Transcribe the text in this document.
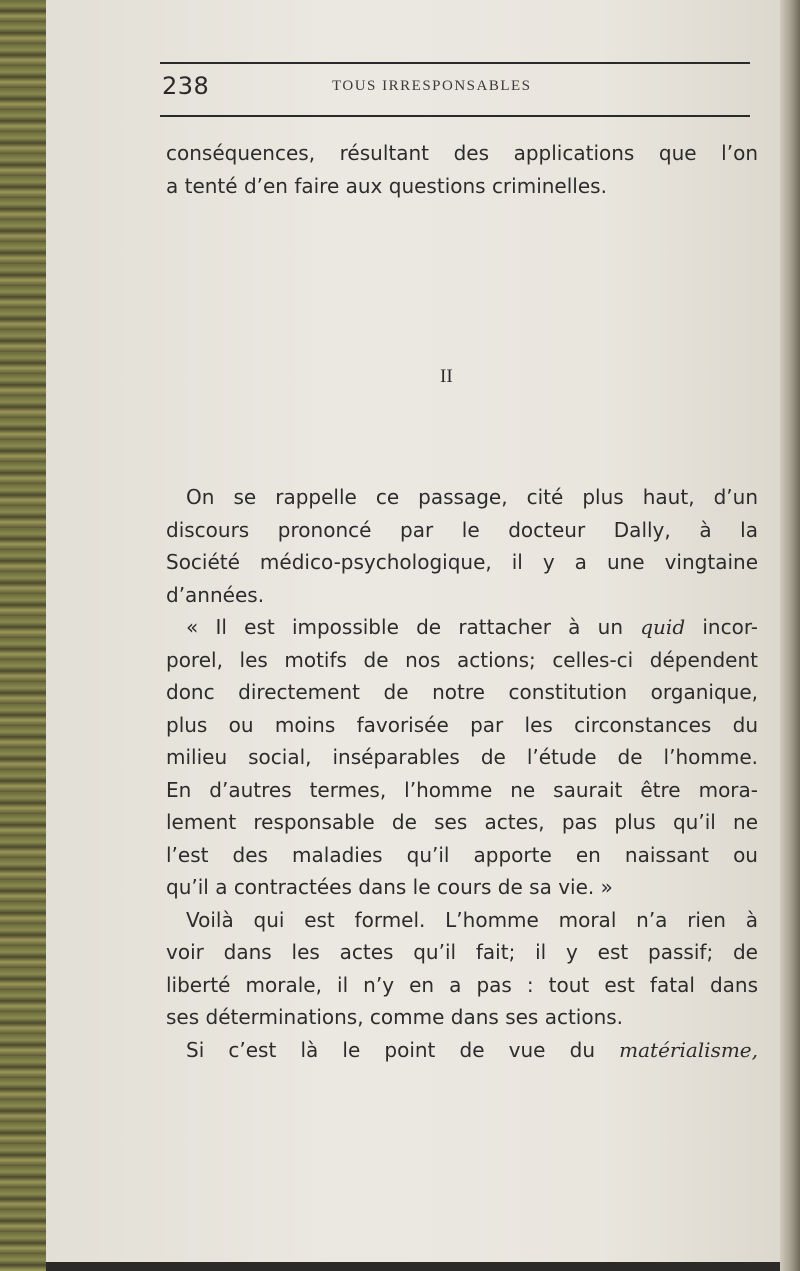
238	TOUS IRRESPONSABLES
conséquences, résultant des applications que l’on
a tenté d’en faire aux questions criminelles.
II
On se rappelle ce passage, cité plus haut, d’un
discours prononcé par le docteur Dally, à la
Société médico-psychologique, il y a une vingtaine
d’années.
« Il est impossible de rattacher à un quid incor-
porel, les motifs de nos actions; celles-ci dépendent
donc directement de notre constitution organique,
plus ou moins favorisée par les circonstances du
milieu social, inséparables de l’étude de l’homme.
En d’autres termes, l’homme ne saurait être mora-
lement responsable de ses actes, pas plus qu’il ne
l’est des maladies qu’il apporte en naissant ou
qu’il a contractées dans le cours de sa vie. »
Voilà qui est formel. L’homme moral n’a rien à
voir dans les actes qu’il fait; il y est passif; de
liberté morale, il n’y en a pas : tout est fatal dans
ses déterminations, comme dans ses actions.
Si c’est là le point de vue du matérialisme,
